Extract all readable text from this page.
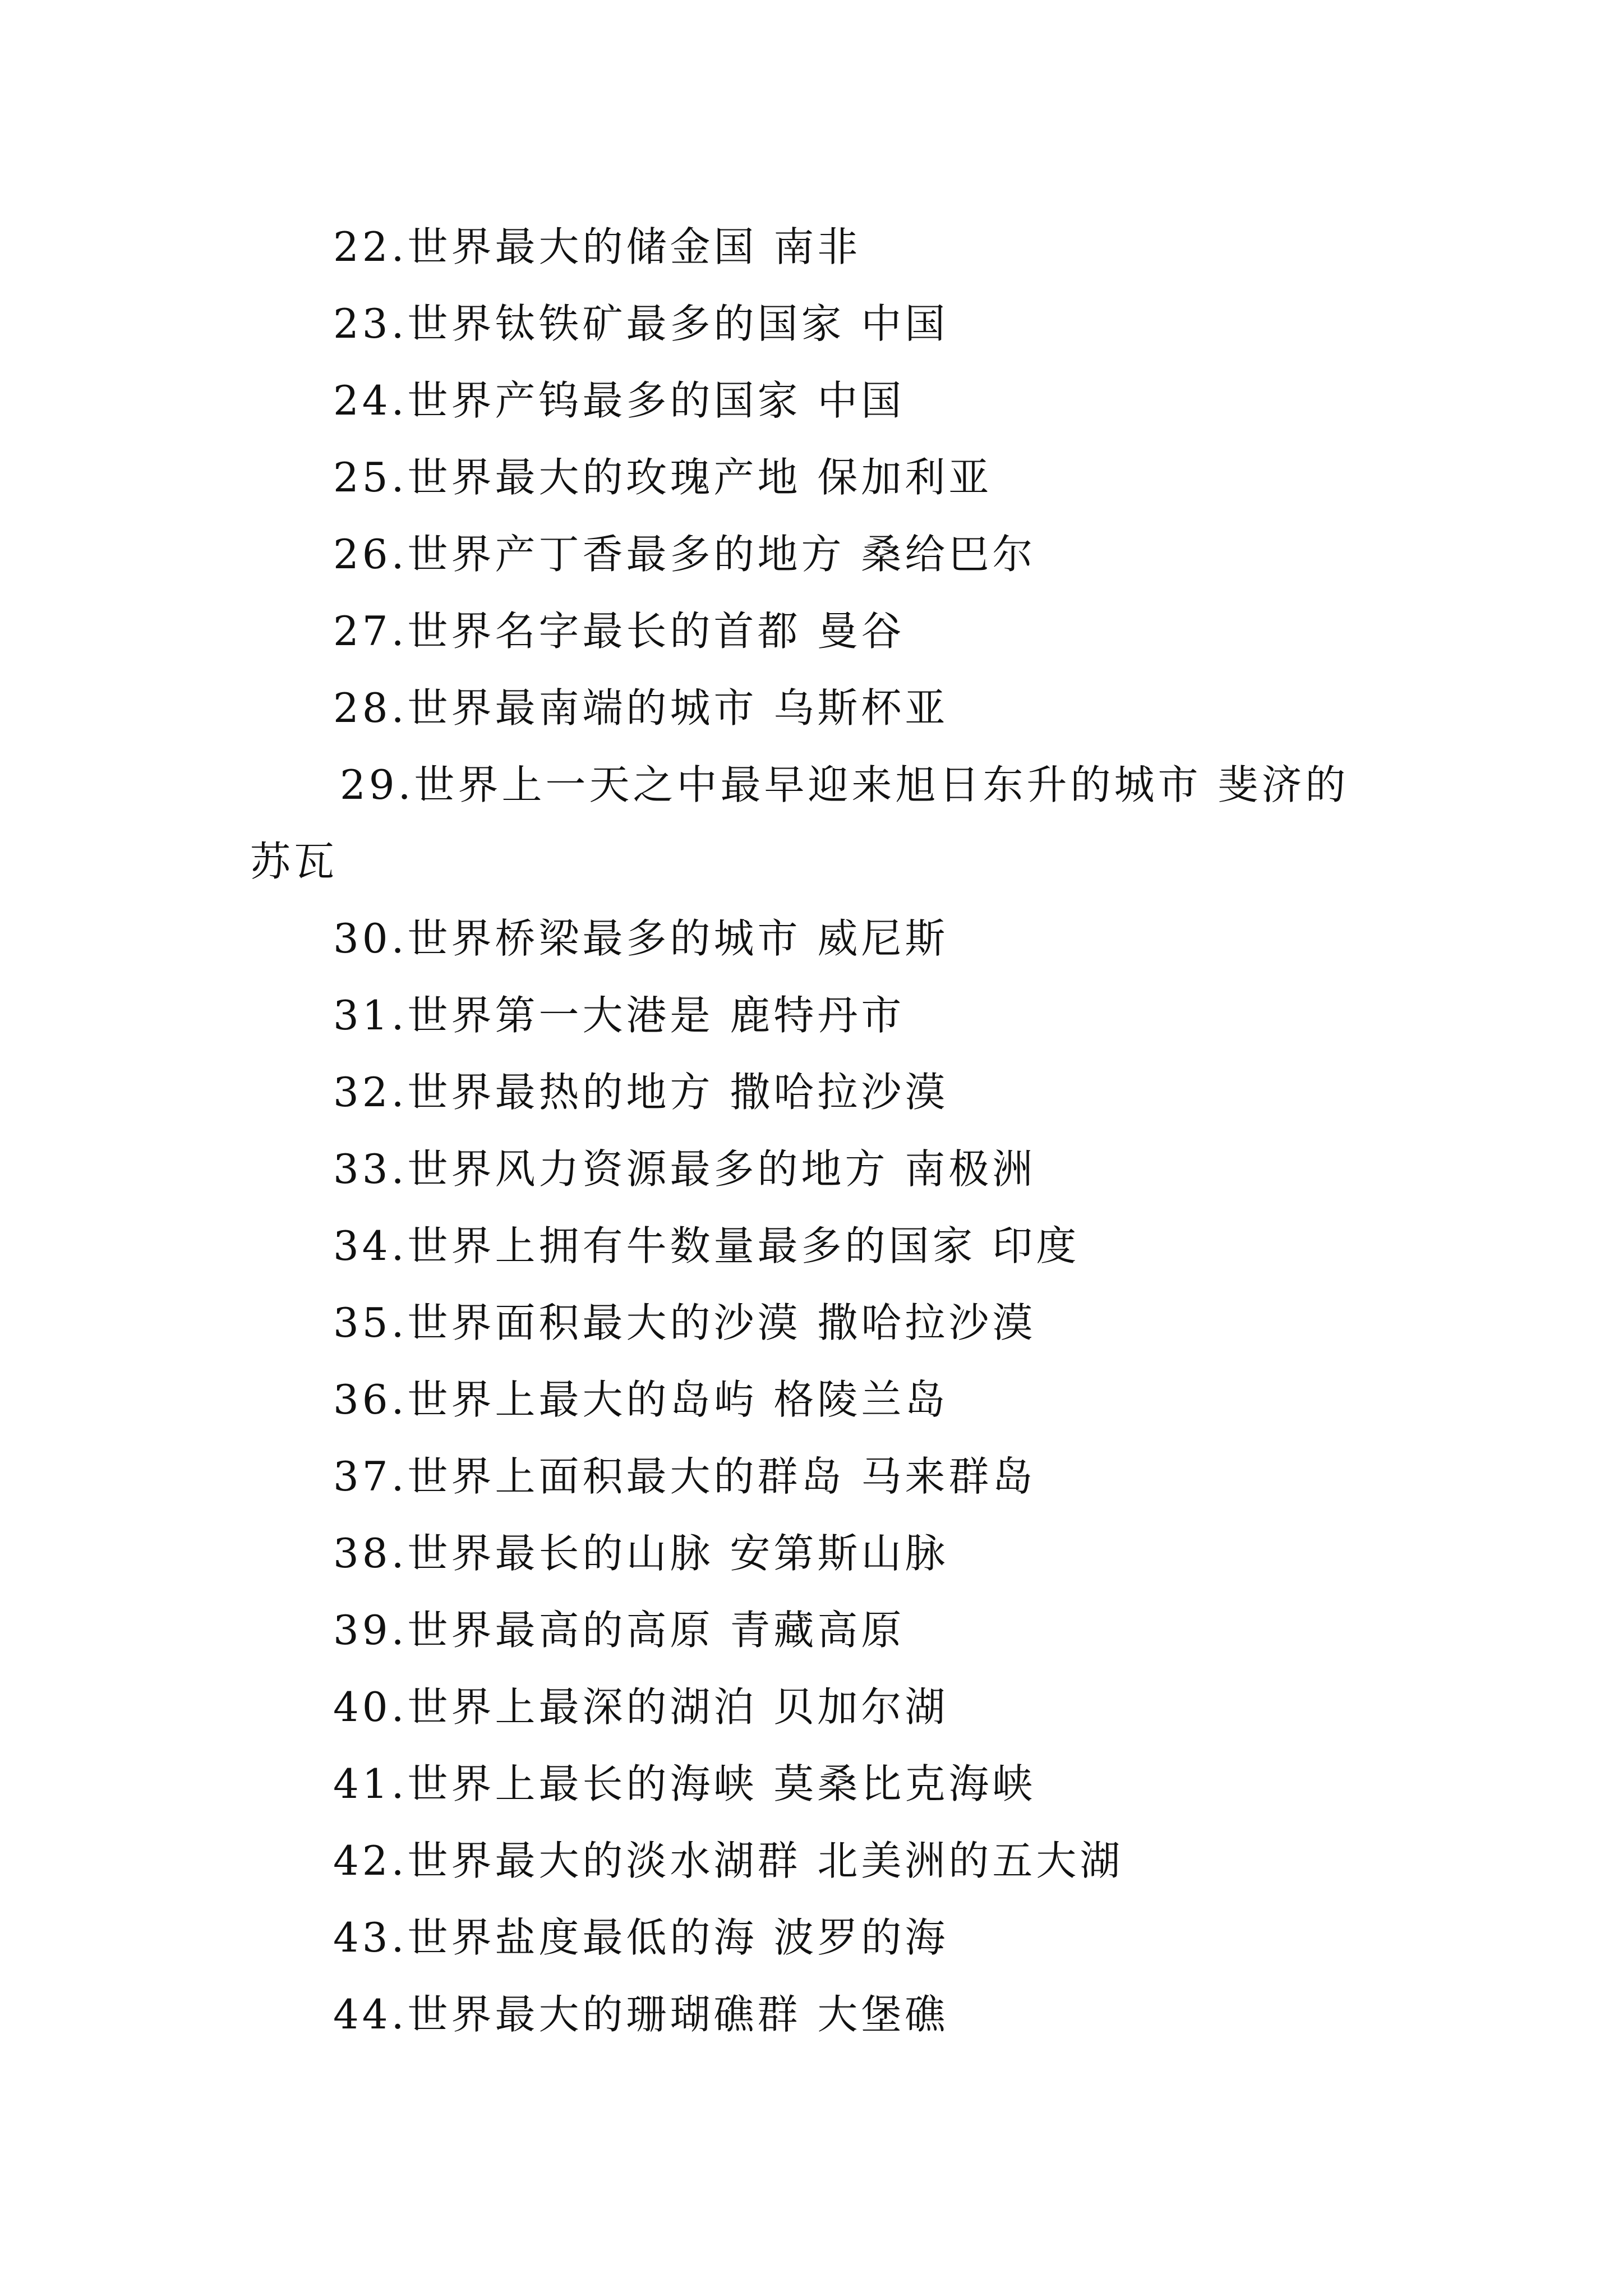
22.世界最大的储金国 南非
23.世界钛铁矿最多的国家 中国
24.世界产钨最多的国家 中国
25.世界最大的玫瑰产地 保加利亚
26.世界产丁香最多的地方 桑给巴尔
27.世界名字最长的首都 曼谷
28.世界最南端的城市 乌斯杯亚
29.世界上一天之中最早迎来旭日东升的城市 斐济的
苏瓦
30.世界桥梁最多的城市 威尼斯
31.世界第一大港是 鹿特丹市
32.世界最热的地方 撒哈拉沙漠
33.世界风力资源最多的地方 南极洲
34.世界上拥有牛数量最多的国家 印度
35.世界面积最大的沙漠 撒哈拉沙漠
36.世界上最大的岛屿 格陵兰岛
37.世界上面积最大的群岛 马来群岛
38.世界最长的山脉 安第斯山脉
39.世界最高的高原 青藏高原
40.世界上最深的湖泊 贝加尔湖
41.世界上最长的海峡 莫桑比克海峡
42.世界最大的淡水湖群 北美洲的五大湖
43.世界盐度最低的海 波罗的海
44.世界最大的珊瑚礁群 大堡礁
